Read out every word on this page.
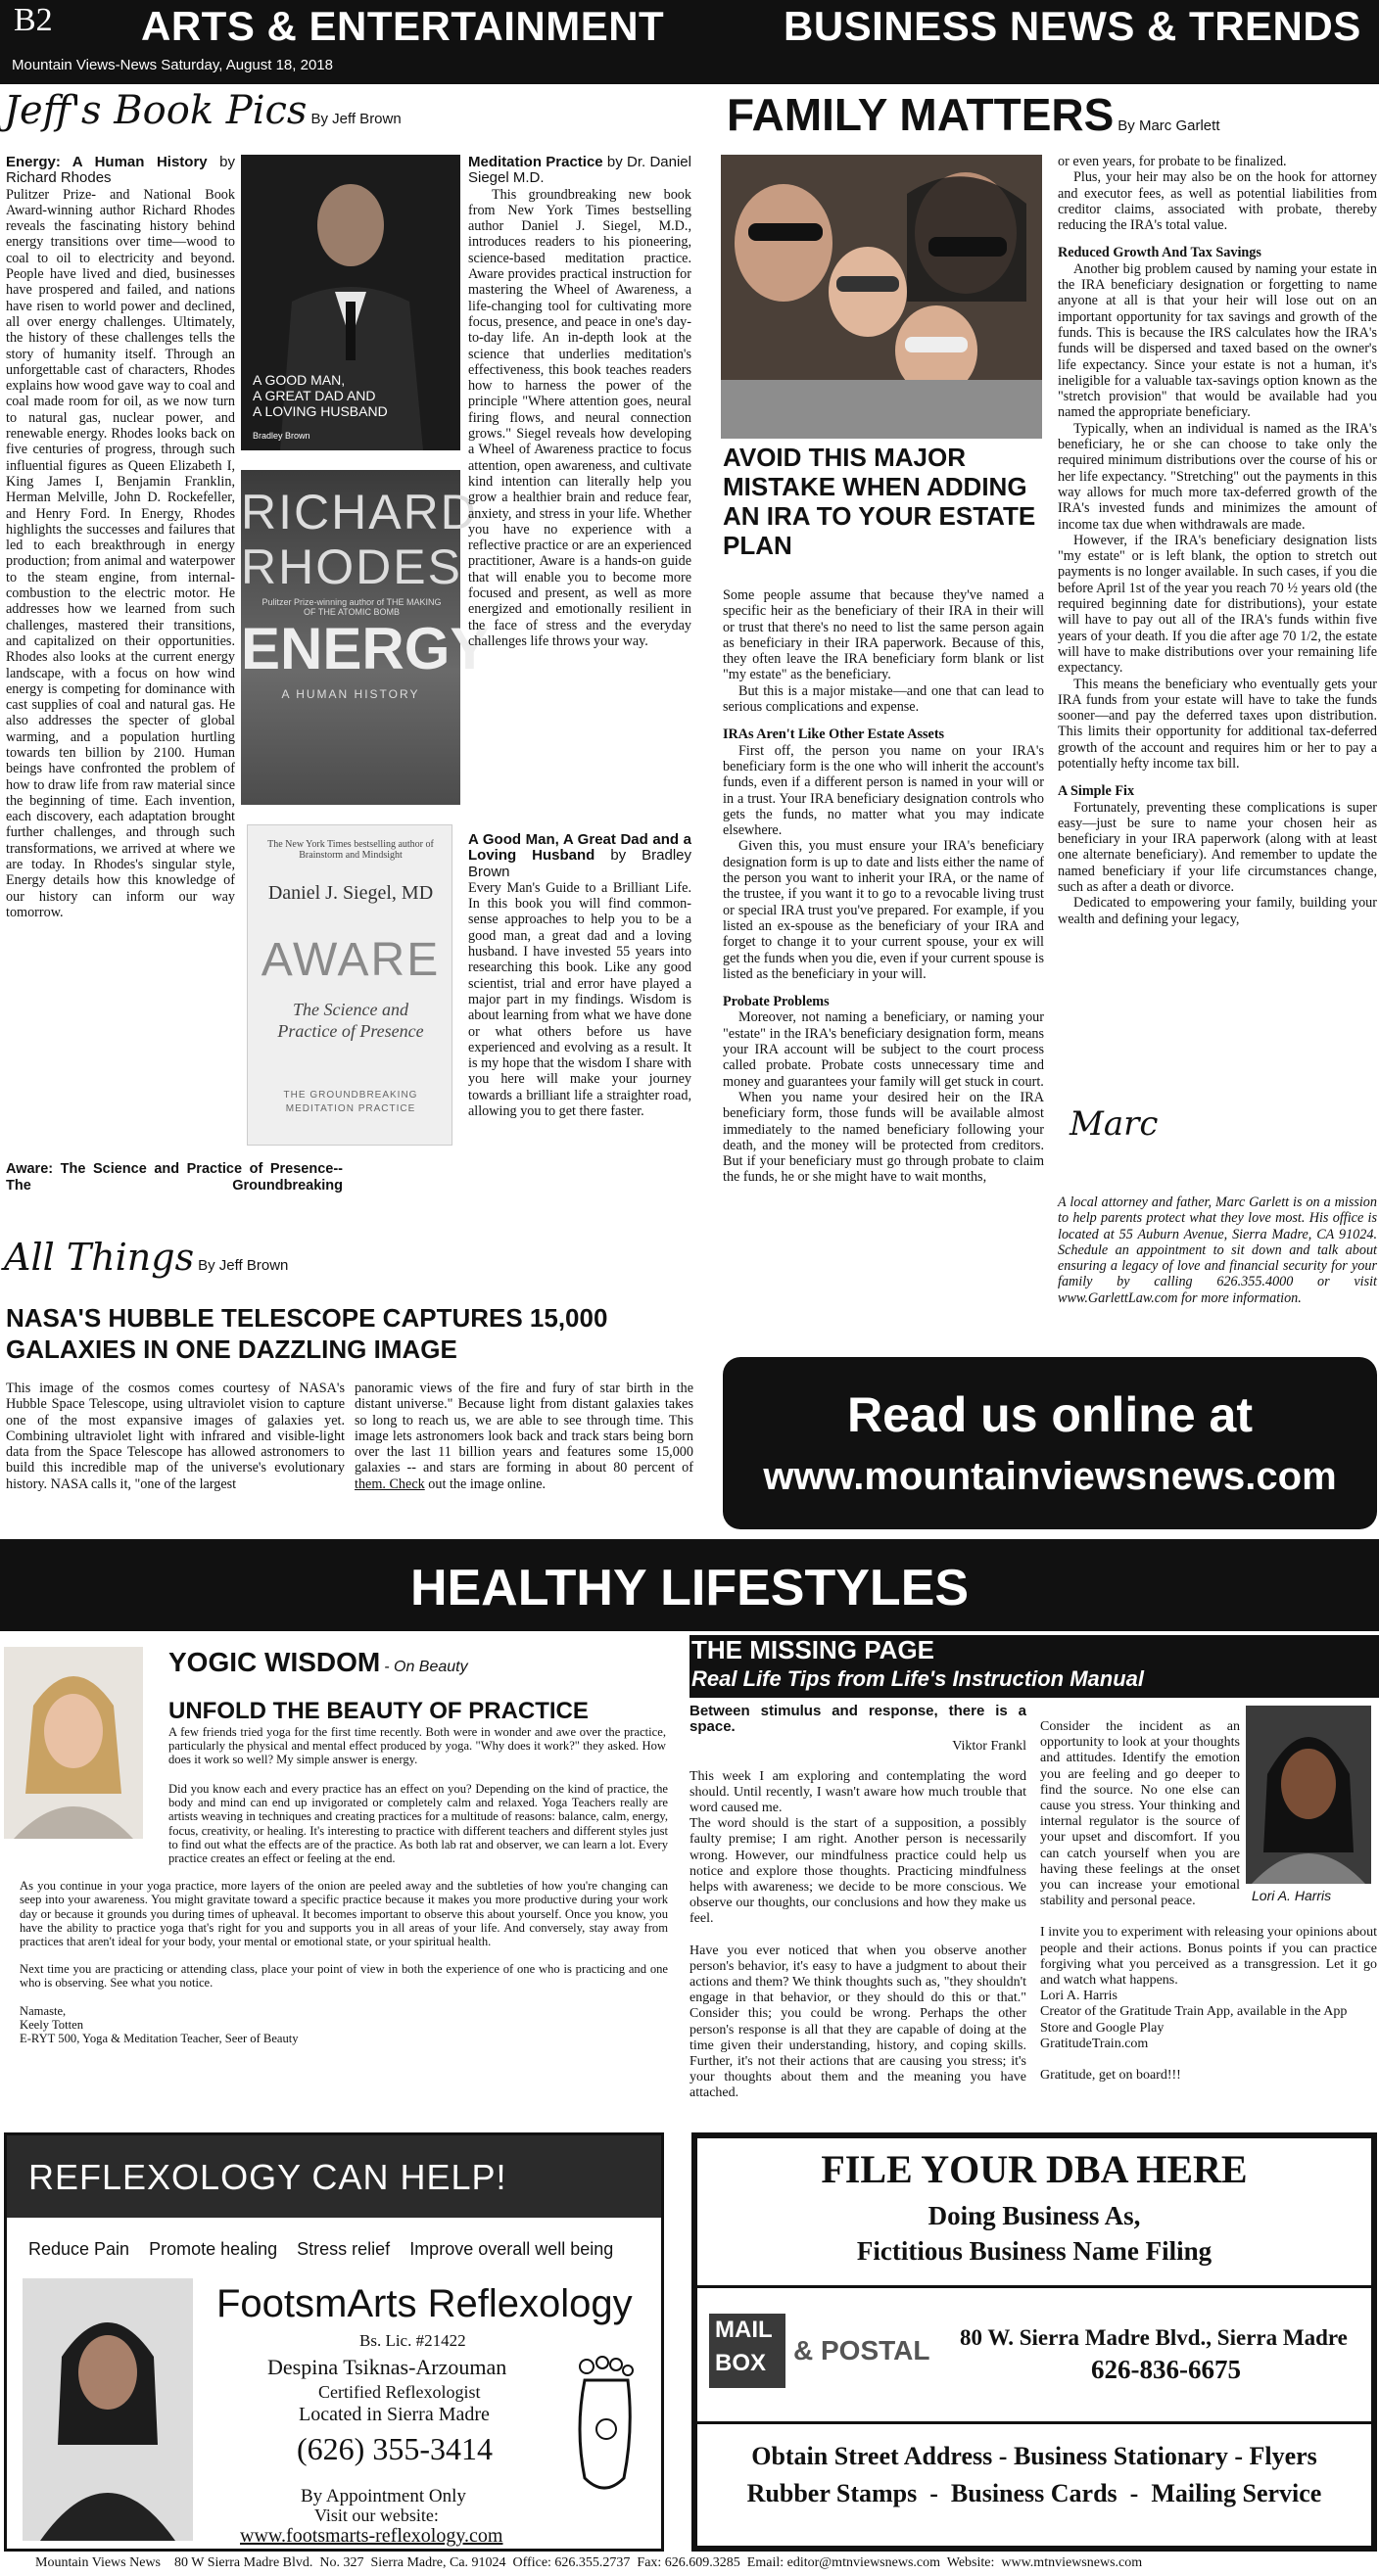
B2 ARTS & ENTERTAINMENT	BUSINESS NEWS & TRENDS
Mountain Views-News Saturday, August 18, 2018
Jeff's Book Pics By Jeff Brown

Energy: A Human History by Richard Rhodes

Pulitzer Prize- and National Book Award-winning author Richard Rhodes reveals the fascinating history behind energy transitions over time—wood to coal to oil to electricity and beyond. People have lived and died, businesses have prospered and failed, and nations have risen to world power and declined, all over energy challenges. Ultimately, the history of these challenges tells the story of humanity itself. Through an unforgettable cast of characters, Rhodes explains how wood gave way to coal and coal made room for oil, as we now turn to natural gas, nuclear power, and renewable energy. Rhodes looks back on five centuries of progress, through such influential figures as Queen Elizabeth I, King James I, Benjamin Franklin, Herman Melville, John D. Rockefeller, and Henry Ford. In Energy, Rhodes highlights the successes and failures that led to each breakthrough in energy production; from animal and waterpower to the steam engine, from internal-combustion to the electric motor. He addresses how we learned from such challenges, mastered their transitions, and capitalized on their opportunities. Rhodes also looks at the current energy landscape, with a focus on how wind energy is competing for dominance with cast supplies of coal and natural gas. He also addresses the specter of global warming, and a population hurtling towards ten billion by 2100. Human beings have confronted the problem of how to draw life from raw material since the beginning of time. Each invention, each discovery, each adaptation brought further challenges, and through such transformations, we arrived at where we are today. In Rhodes's singular style, Energy details how this knowledge of our history can inform our way tomorrow.

A GOOD MAN,
A GREAT DAD AND
A LOVING HUSBAND
Bradley Brown
RICHARD
RHODES
Pulitzer Prize-winning author of THE MAKING OF THE ATOMIC BOMB
ENERGY
A HUMAN HISTORY
The New York Times bestselling author of Brainstorm and Mindsight
Daniel J. Siegel, MD
AWARE
The Science and
Practice of Presence
THE GROUNDBREAKING
MEDITATION PRACTICE

Meditation Practice by Dr. Daniel Siegel M.D.

This groundbreaking new book from New York Times bestselling author Daniel J. Siegel, M.D., introduces readers to his pioneering, science-based meditation practice. Aware provides practical instruction for mastering the Wheel of Awareness, a life-changing tool for cultivating more focus, presence, and peace in one's day-to-day life. An in-depth look at the science that underlies meditation's effectiveness, this book teaches readers how to harness the power of the principle "Where attention goes, neural firing flows, and neural connection grows." Siegel reveals how developing a Wheel of Awareness practice to focus attention, open awareness, and cultivate kind intention can literally help you grow a healthier brain and reduce fear, anxiety, and stress in your life. Whether you have no experience with a reflective practice or are an experienced practitioner, Aware is a hands-on guide that will enable you to become more focused and present, as well as more energized and emotionally resilient in the face of stress and the everyday challenges life throws your way.

A Good Man, A Great Dad and a Loving Husband by Bradley Brown

Every Man's Guide to a Brilliant Life. In this book you will find common-sense approaches to help you to be a good man, a great dad and a loving husband. I have invested 55 years into researching this book. Like any good scientist, trial and error have played a major part in my findings. Wisdom is about learning from what we have done or what others before us have experienced and evolving as a result. It is my hope that the wisdom I share with you here will make your journey towards a brilliant life a straighter road, allowing you to get there faster.

Aware: The Science and Practice of Presence--The Groundbreaking
All Things By Jeff Brown
NASA'S HUBBLE TELESCOPE CAPTURES 15,000 GALAXIES IN ONE DAZZLING IMAGE
This image of the cosmos comes courtesy of NASA's Hubble Space Telescope, using ultraviolet vision to capture one of the most expansive images of galaxies yet. Combining ultraviolet light with infrared and visible-light data from the Space Telescope has allowed astronomers to build this incredible map of the universe's evolutionary history. NASA calls it, "one of the largest
panoramic views of the fire and fury of star birth in the distant universe." Because light from distant galaxies takes so long to reach us, we are able to see through time. This image lets astronomers look back and track stars being born over the last 11 billion years and features some 15,000 galaxies -- and stars are forming in about 80 percent of them. Check out the image online.
FAMILY MATTERS By Marc Garlett
AVOID THIS MAJOR MISTAKE WHEN ADDING AN IRA TO YOUR ESTATE PLAN

Some people assume that because they've named a specific heir as the beneficiary of their IRA in their will or trust that there's no need to list the same person again as beneficiary in their IRA paperwork. Because of this, they often leave the IRA beneficiary form blank or list "my estate" as the beneficiary.

But this is a major mistake—and one that can lead to serious complications and expense.

IRAs Aren't Like Other Estate Assets

First off, the person you name on your IRA's beneficiary form is the one who will inherit the account's funds, even if a different person is named in your will or in a trust. Your IRA beneficiary designation controls who gets the funds, no matter what you may indicate elsewhere.

Given this, you must ensure your IRA's beneficiary designation form is up to date and lists either the name of the person you want to inherit your IRA, or the name of the trustee, if you want it to go to a revocable living trust or special IRA trust you've prepared. For example, if you listed an ex-spouse as the beneficiary of your IRA and forget to change it to your current spouse, your ex will get the funds when you die, even if your current spouse is listed as the beneficiary in your will.

Probate Problems

Moreover, not naming a beneficiary, or naming your "estate" in the IRA's beneficiary designation form, means your IRA account will be subject to the court process called probate. Probate costs unnecessary time and money and guarantees your family will get stuck in court.

When you name your desired heir on the IRA beneficiary form, those funds will be available almost immediately to the named beneficiary following your death, and the money will be protected from creditors. But if your beneficiary must go through probate to claim the funds, he or she might have to wait months,

or even years, for probate to be finalized.

Plus, your heir may also be on the hook for attorney and executor fees, as well as potential liabilities from creditor claims, associated with probate, thereby reducing the IRA's total value.

Reduced Growth And Tax Savings

Another big problem caused by naming your estate in the IRA beneficiary designation or forgetting to name anyone at all is that your heir will lose out on an important opportunity for tax savings and growth of the funds. This is because the IRS calculates how the IRA's funds will be dispersed and taxed based on the owner's life expectancy. Since your estate is not a human, it's ineligible for a valuable tax-savings option known as the "stretch provision" that would be available had you named the appropriate beneficiary.

Typically, when an individual is named as the IRA's beneficiary, he or she can choose to take only the required minimum distributions over the course of his or her life expectancy. "Stretching" out the payments in this way allows for much more tax-deferred growth of the IRA's invested funds and minimizes the amount of income tax due when withdrawals are made.

However, if the IRA's beneficiary designation lists "my estate" or is left blank, the option to stretch out payments is no longer available. In such cases, if you die before April 1st of the year you reach 70 ½ years old (the required beginning date for distributions), your estate will have to pay out all of the IRA's funds within five years of your death. If you die after age 70 1/2, the estate will have to make distributions over your remaining life expectancy.

This means the beneficiary who eventually gets your IRA funds from your estate will have to take the funds sooner—and pay the deferred taxes upon distribution. This limits their opportunity for additional tax-deferred growth of the account and requires him or her to pay a potentially hefty income tax bill.

A Simple Fix

Fortunately, preventing these complications is super easy—just be sure to name your chosen heir as beneficiary in your IRA paperwork (along with at least one alternate beneficiary). And remember to update the named beneficiary if your life circumstances change, such as after a death or divorce.

Dedicated to empowering your family, building your wealth and defining your legacy,

Marc
A local attorney and father, Marc Garlett is on a mission to help parents protect what they love most. His office is located at 55 Auburn Avenue, Sierra Madre, CA 91024. Schedule an appointment to sit down and talk about ensuring a legacy of love and financial security for your family by calling 626.355.4000 or visit www.GarlettLaw.com for more information.
Read us online at
www.mountainviewsnews.com
HEALTHY LIFESTYLES
YOGIC WISDOM - On Beauty
UNFOLD THE BEAUTY OF PRACTICE

A few friends tried yoga for the first time recently. Both were in wonder and awe over the practice, particularly the physical and mental effect produced by yoga. "Why does it work?" they asked. How does it work so well? My simple answer is energy.

Did you know each and every practice has an effect on you? Depending on the kind of practice, the body and mind can end up invigorated or completely calm and relaxed. Yoga Teachers really are artists weaving in techniques and creating practices for a multitude of reasons: balance, calm, energy, focus, creativity, or healing. It's interesting to practice with different teachers and different styles just to find out what the effects are of the practice. As both lab rat and observer, we can learn a lot. Every practice creates an effect or feeling at the end.

As you continue in your yoga practice, more layers of the onion are peeled away and the subtleties of how you're changing can seep into your awareness. You might gravitate toward a specific practice because it makes you more productive during your work day or because it grounds you during times of upheaval. It becomes important to observe this about yourself. Once you know, you have the ability to practice yoga that's right for you and supports you in all areas of your life. And conversely, stay away from practices that aren't ideal for your body, your mental or emotional state, or your spiritual health.

Next time you are practicing or attending class, place your point of view in both the experience of one who is practicing and one who is observing. See what you notice.

Namaste,

Keely Totten

E-RYT 500, Yoga & Meditation Teacher, Seer of Beauty

THE MISSING PAGE
Real Life Tips from Life's Instruction Manual

Between stimulus and response, there is a space.

Viktor Frankl

This week I am exploring and contemplating the word should. Until recently, I wasn't aware how much trouble that word caused me.

The word should is the start of a supposition, a possibly faulty premise; I am right. Another person is necessarily wrong. However, our mindfulness practice could help us notice and explore those thoughts. Practicing mindfulness helps with awareness; we decide to be more conscious. We observe our thoughts, our conclusions and how they make us feel.

Have you ever noticed that when you observe another person's behavior, it's easy to have a judgment to about their actions and them? We think thoughts such as, "they shouldn't engage in that behavior, or they should do this or that." Consider this; you could be wrong. Perhaps the other person's response is all that they are capable of doing at the time given their understanding, history, and coping skills. Further, it's not their actions that are causing you stress; it's your thoughts about them and the meaning you have attached.

Lori A. Harris

Consider the incident as an opportunity to look at your thoughts and attitudes. Identify the emotion you are feeling and go deeper to find the source. No one else can cause you stress. Your thinking and internal regulator is the source of your upset and discomfort. If you can catch yourself when you are having these feelings at the onset you can increase your emotional stability and personal peace.

I invite you to experiment with releasing your opinions about people and their actions. Bonus points if you can practice forgiving what you perceived as a transgression. Let it go and watch what happens.

Lori A. Harris

Creator of the Gratitude Train App, available in the App Store and Google Play

GratitudeTrain.com

Gratitude, get on board!!!

REFLEXOLOGY CAN HELP!
Reduce Pain    Promote healing    Stress relief    Improve overall well being
FootsmArts Reflexology
Bs. Lic. #21422
Despina Tsiknas-Arzouman
Certified Reflexologist
Located in Sierra Madre
(626) 355-3414
By Appointment Only
Visit our website:
www.footsmarts-reflexology.com
FILE YOUR DBA HERE
Doing Business As,
Fictitious Business Name Filing
MAIL
BOX & POSTAL 80 W. Sierra Madre Blvd., Sierra Madre
626-836-6675
Obtain Street Address - Business Stationary - Flyers
Rubber Stamps  -  Business Cards  -  Mailing Service
Mountain Views News    80 W Sierra Madre Blvd.  No. 327  Sierra Madre, Ca. 91024  Office: 626.355.2737  Fax: 626.609.3285  Email: editor@mtnviewsnews.com  Website:  www.mtnviewsnews.com
